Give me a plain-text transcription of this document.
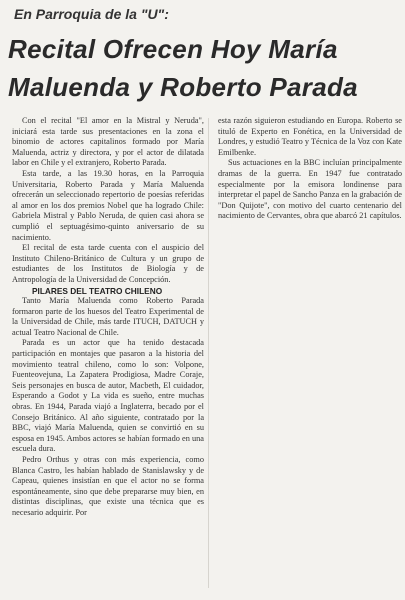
En Parroquia de la "U":
Recital Ofrecen Hoy María Maluenda y Roberto Parada

Con el recital "El amor en la Mistral y Neruda", iniciará esta tarde sus presentaciones en la zona el binomio de actores capitalinos formado por María Maluenda, actriz y directora, y por el actor de dilatada labor en Chile y el extranjero, Roberto Parada.

Esta tarde, a las 19.30 horas, en la Parroquia Universitaria, Roberto Parada y María Maluenda ofrecerán un seleccionado repertorio de poesías referidas al amor en los dos premios Nobel que ha logrado Chile: Gabriela Mistral y Pablo Neruda, de quien casi ahora se cumplió el septuagésimo-quinto aniversario de su nacimiento.

El recital de esta tarde cuenta con el auspicio del Instituto Chileno-Británico de Cultura y un grupo de estudiantes de los Institutos de Biología y de Antropología de la Universidad de Concepción.

PILARES DEL TEATRO CHILENO

Tanto María Maluenda como Roberto Parada formaron parte de los huesos del Teatro Experimental de la Universidad de Chile, más tarde ITUCH, DATUCH y actual Teatro Nacional de Chile.

Parada es un actor que ha tenido destacada participación en montajes que pasaron a la historia del movimiento teatral chileno, como lo son: Volpone, Fuenteovejuna, La Zapatera Prodigiosa, Madre Coraje, Seis personajes en busca de autor, Macbeth, El cuidador, Esperando a Godot y La vida es sueño, entre muchas obras. En 1944, Parada viajó a Inglaterra, becado por el Consejo Británico. Al año siguiente, contratado por la BBC, viajó María Maluenda, quien se convirtió en su esposa en 1945. Ambos actores se habían formado en una escuela dura.

Pedro Orthus y otras con más experiencia, como Blanca Castro, les habían hablado de Stanislawsky y de Capeau, quienes insistían en que el actor no se forma espontáneamente, sino que debe prepararse muy bien, en distintas disciplinas, que existe una técnica que es necesario adquirir. Por

esta razón siguieron estudiando en Europa. Roberto se tituló de Experto en Fonética, en la Universidad de Londres, y estudió Teatro y Técnica de la Voz con Kate Emilbenke.

Sus actuaciones en la BBC incluían principalmente dramas de la guerra. En 1947 fue contratado especialmente por la emisora londinense para interpretar el papel de Sancho Panza en la grabación de "Don Quijote", con motivo del cuarto centenario del nacimiento de Cervantes, obra que abarcó 21 capítulos.
